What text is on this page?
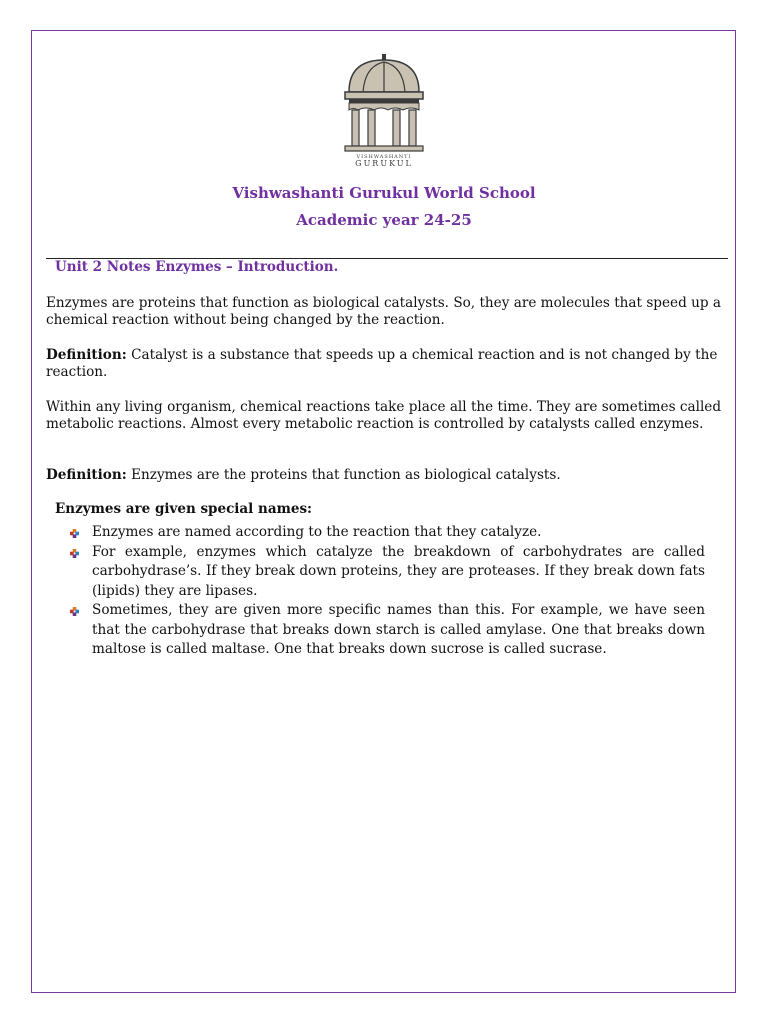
VISHWASHANTI
GURUKUL
Vishwashanti Gurukul World School
Academic year 24-25
Unit 2 Notes Enzymes – Introduction.

Enzymes are proteins that function as biological catalysts. So, they are molecules that speed up a chemical reaction without being changed by the reaction.

Definition: Catalyst is a substance that speeds up a chemical reaction and is not changed by the reaction.

Within any living organism, chemical reactions take place all the time. They are sometimes called metabolic reactions. Almost every metabolic reaction is controlled by catalysts called enzymes.

Definition: Enzymes are the proteins that function as biological catalysts.

Enzymes are given special names:
Enzymes are named according to the reaction that they catalyze.
For example, enzymes which catalyze the breakdown of carbohydrates are called carbohydrase’s. If they break down proteins, they are proteases. If they break down fats (lipids) they are lipases.
Sometimes, they are given more specific names than this. For example, we have seen that the carbohydrase that breaks down starch is called amylase. One that breaks down maltose is called maltase. One that breaks down sucrose is called sucrase.
